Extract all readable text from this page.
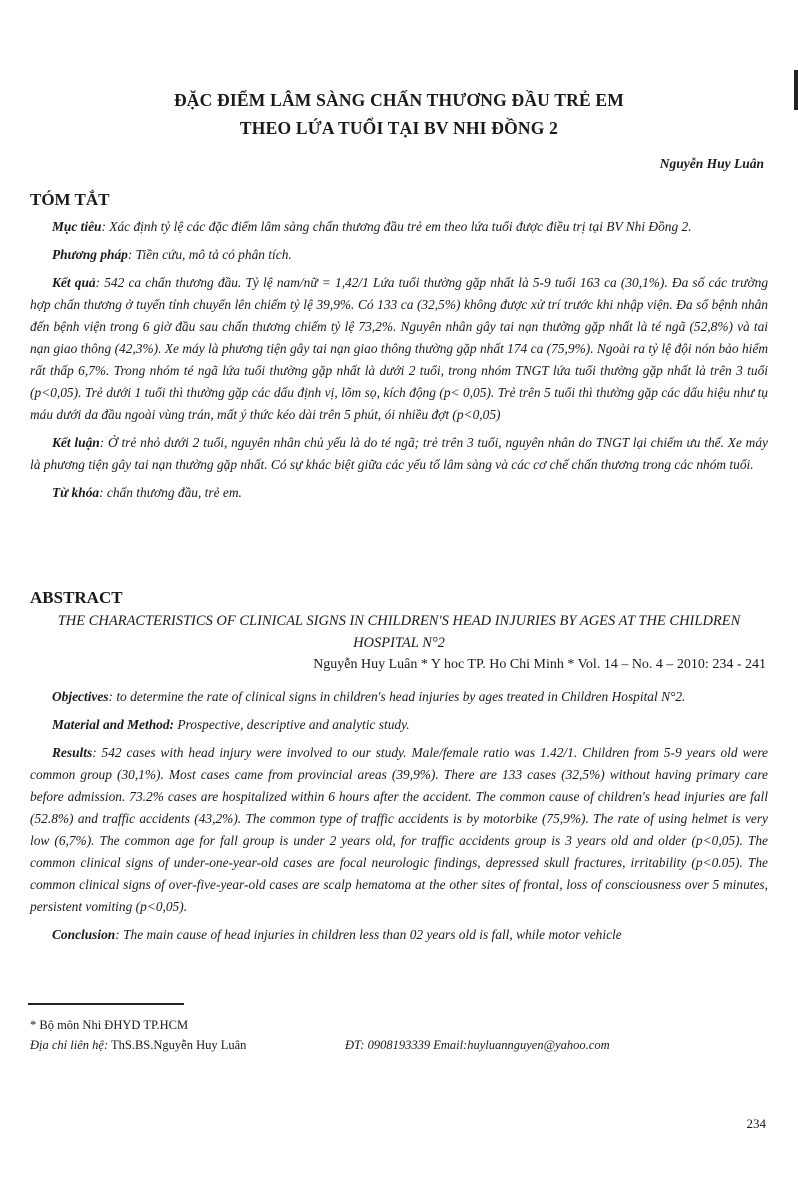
ĐẶC ĐIỂM LÂM SÀNG CHẤN THƯƠNG ĐẦU TRẺ EM
THEO LỨA TUỔI TẠI BV NHI ĐỒNG 2
Nguyễn Huy Luân
TÓM TẮT

Mục tiêu: Xác định tỷ lệ các đặc điểm lâm sàng chấn thương đầu trẻ em theo lứa tuổi được điều trị tại BV Nhi Đồng 2.

Phương pháp: Tiền cứu, mô tả có phân tích.

Kết quả: 542 ca chấn thương đầu. Tỷ lệ nam/nữ = 1,42/1 Lứa tuổi thường gặp nhất là 5-9 tuổi 163 ca (30,1%). Đa số các trường hợp chấn thương ở tuyến tỉnh chuyển lên chiếm tỷ lệ 39,9%. Có 133 ca (32,5%) không được xử trí trước khi nhập viện. Đa số bệnh nhân đến bệnh viện trong 6 giờ đầu sau chấn thương chiếm tỷ lệ 73,2%. Nguyên nhân gây tai nạn thường gặp nhất là té ngã (52,8%) và tai nạn giao thông (42,3%). Xe máy là phương tiện gây tai nạn giao thông thường gặp nhất 174 ca (75,9%). Ngoài ra tỷ lệ đội nón bảo hiểm rất thấp 6,7%. Trong nhóm té ngã lứa tuổi thường gặp nhất là dưới 2 tuổi, trong nhóm TNGT lứa tuổi thường gặp nhất là trên 3 tuổi (p<0,05). Trẻ dưới 1 tuổi thì thường gặp các dấu định vị, lõm sọ, kích động (p< 0,05). Trẻ trên 5 tuổi thì thường gặp các dấu hiệu như tụ máu dưới da đầu ngoài vùng trán, mất ý thức kéo dài trên 5 phút, ói nhiều đợt (p<0,05)

Kết luận: Ở trẻ nhỏ dưới 2 tuổi, nguyên nhân chủ yếu là do té ngã; trẻ trên 3 tuổi, nguyên nhân do TNGT lại chiếm ưu thế. Xe máy là phương tiện gây tai nạn thường gặp nhất. Có sự khác biệt giữa các yếu tố lâm sàng và các cơ chế chấn thương trong các nhóm tuổi.

Từ khóa: chấn thương đầu, trẻ em.

ABSTRACT
THE CHARACTERISTICS OF CLINICAL SIGNS IN CHILDREN'S HEAD INJURIES BY AGES AT THE CHILDREN HOSPITAL N°2
Nguyễn Huy Luân * Y hoc TP. Ho Chi Minh * Vol. 14 – No. 4 – 2010: 234 - 241

Objectives: to determine the rate of clinical signs in children's head injuries by ages treated in Children Hospital N°2.

Material and Method: Prospective, descriptive and analytic study.

Results: 542 cases with head injury were involved to our study. Male/female ratio was 1.42/1. Children from 5-9 years old were common group (30,1%). Most cases came from provincial areas (39,9%). There are 133 cases (32,5%) without having primary care before admission. 73.2% cases are hospitalized within 6 hours after the accident. The common cause of children's head injuries are fall (52.8%) and traffic accidents (43,2%). The common type of traffic accidents is by motorbike (75,9%). The rate of using helmet is very low (6,7%). The common age for fall group is under 2 years old, for traffic accidents group is 3 years old and older (p<0,05). The common clinical signs of under-one-year-old cases are focal neurologic findings, depressed skull fractures, irritability (p<0.05). The common clinical signs of over-five-year-old cases are scalp hematoma at the other sites of frontal, loss of consciousness over 5 minutes, persistent vomiting (p<0,05).

Conclusion: The main cause of head injuries in children less than 02 years old is fall, while motor vehicle

* Bộ môn Nhi ĐHYD TP.HCM
Địa chỉ liên hệ: ThS.BS.Nguyễn Huy Luân	ĐT: 0908193339 Email:huyluannguyen@yahoo.com
234
